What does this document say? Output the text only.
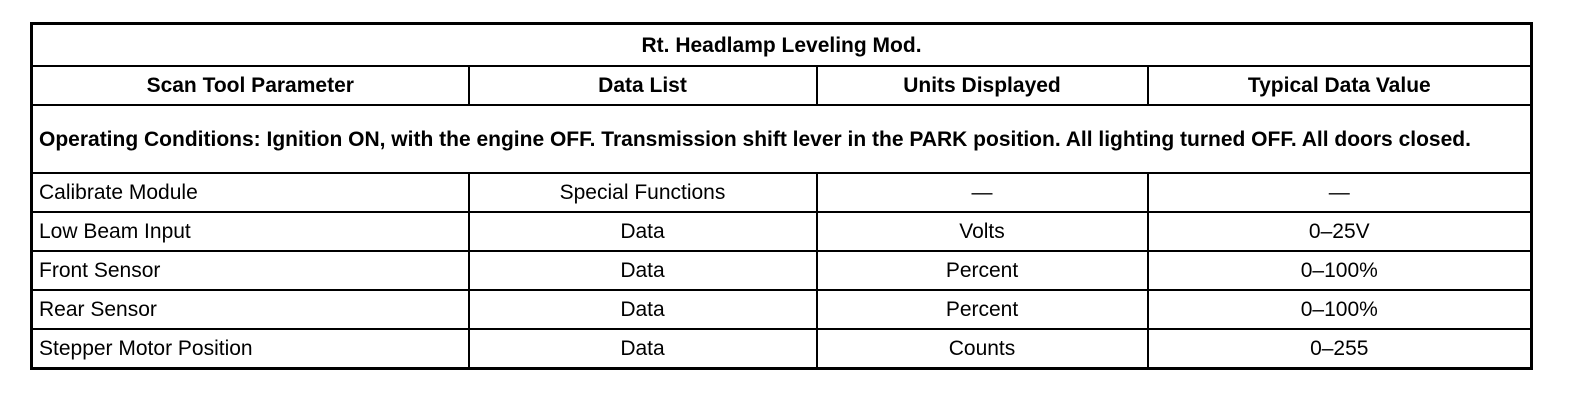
Rt. Headlamp Leveling Mod.			
Scan Tool Parameter	Data List	Units Displayed	Typical Data Value
Operating Conditions: Ignition ON, with the engine OFF. Transmission shift lever in the PARK position. All lighting turned OFF. All doors closed.			
Calibrate Module	Special Functions	—	—
Low Beam Input	Data	Volts	0–25V
Front Sensor	Data	Percent	0–100%
Rear Sensor	Data	Percent	0–100%
Stepper Motor Position	Data	Counts	0–255
